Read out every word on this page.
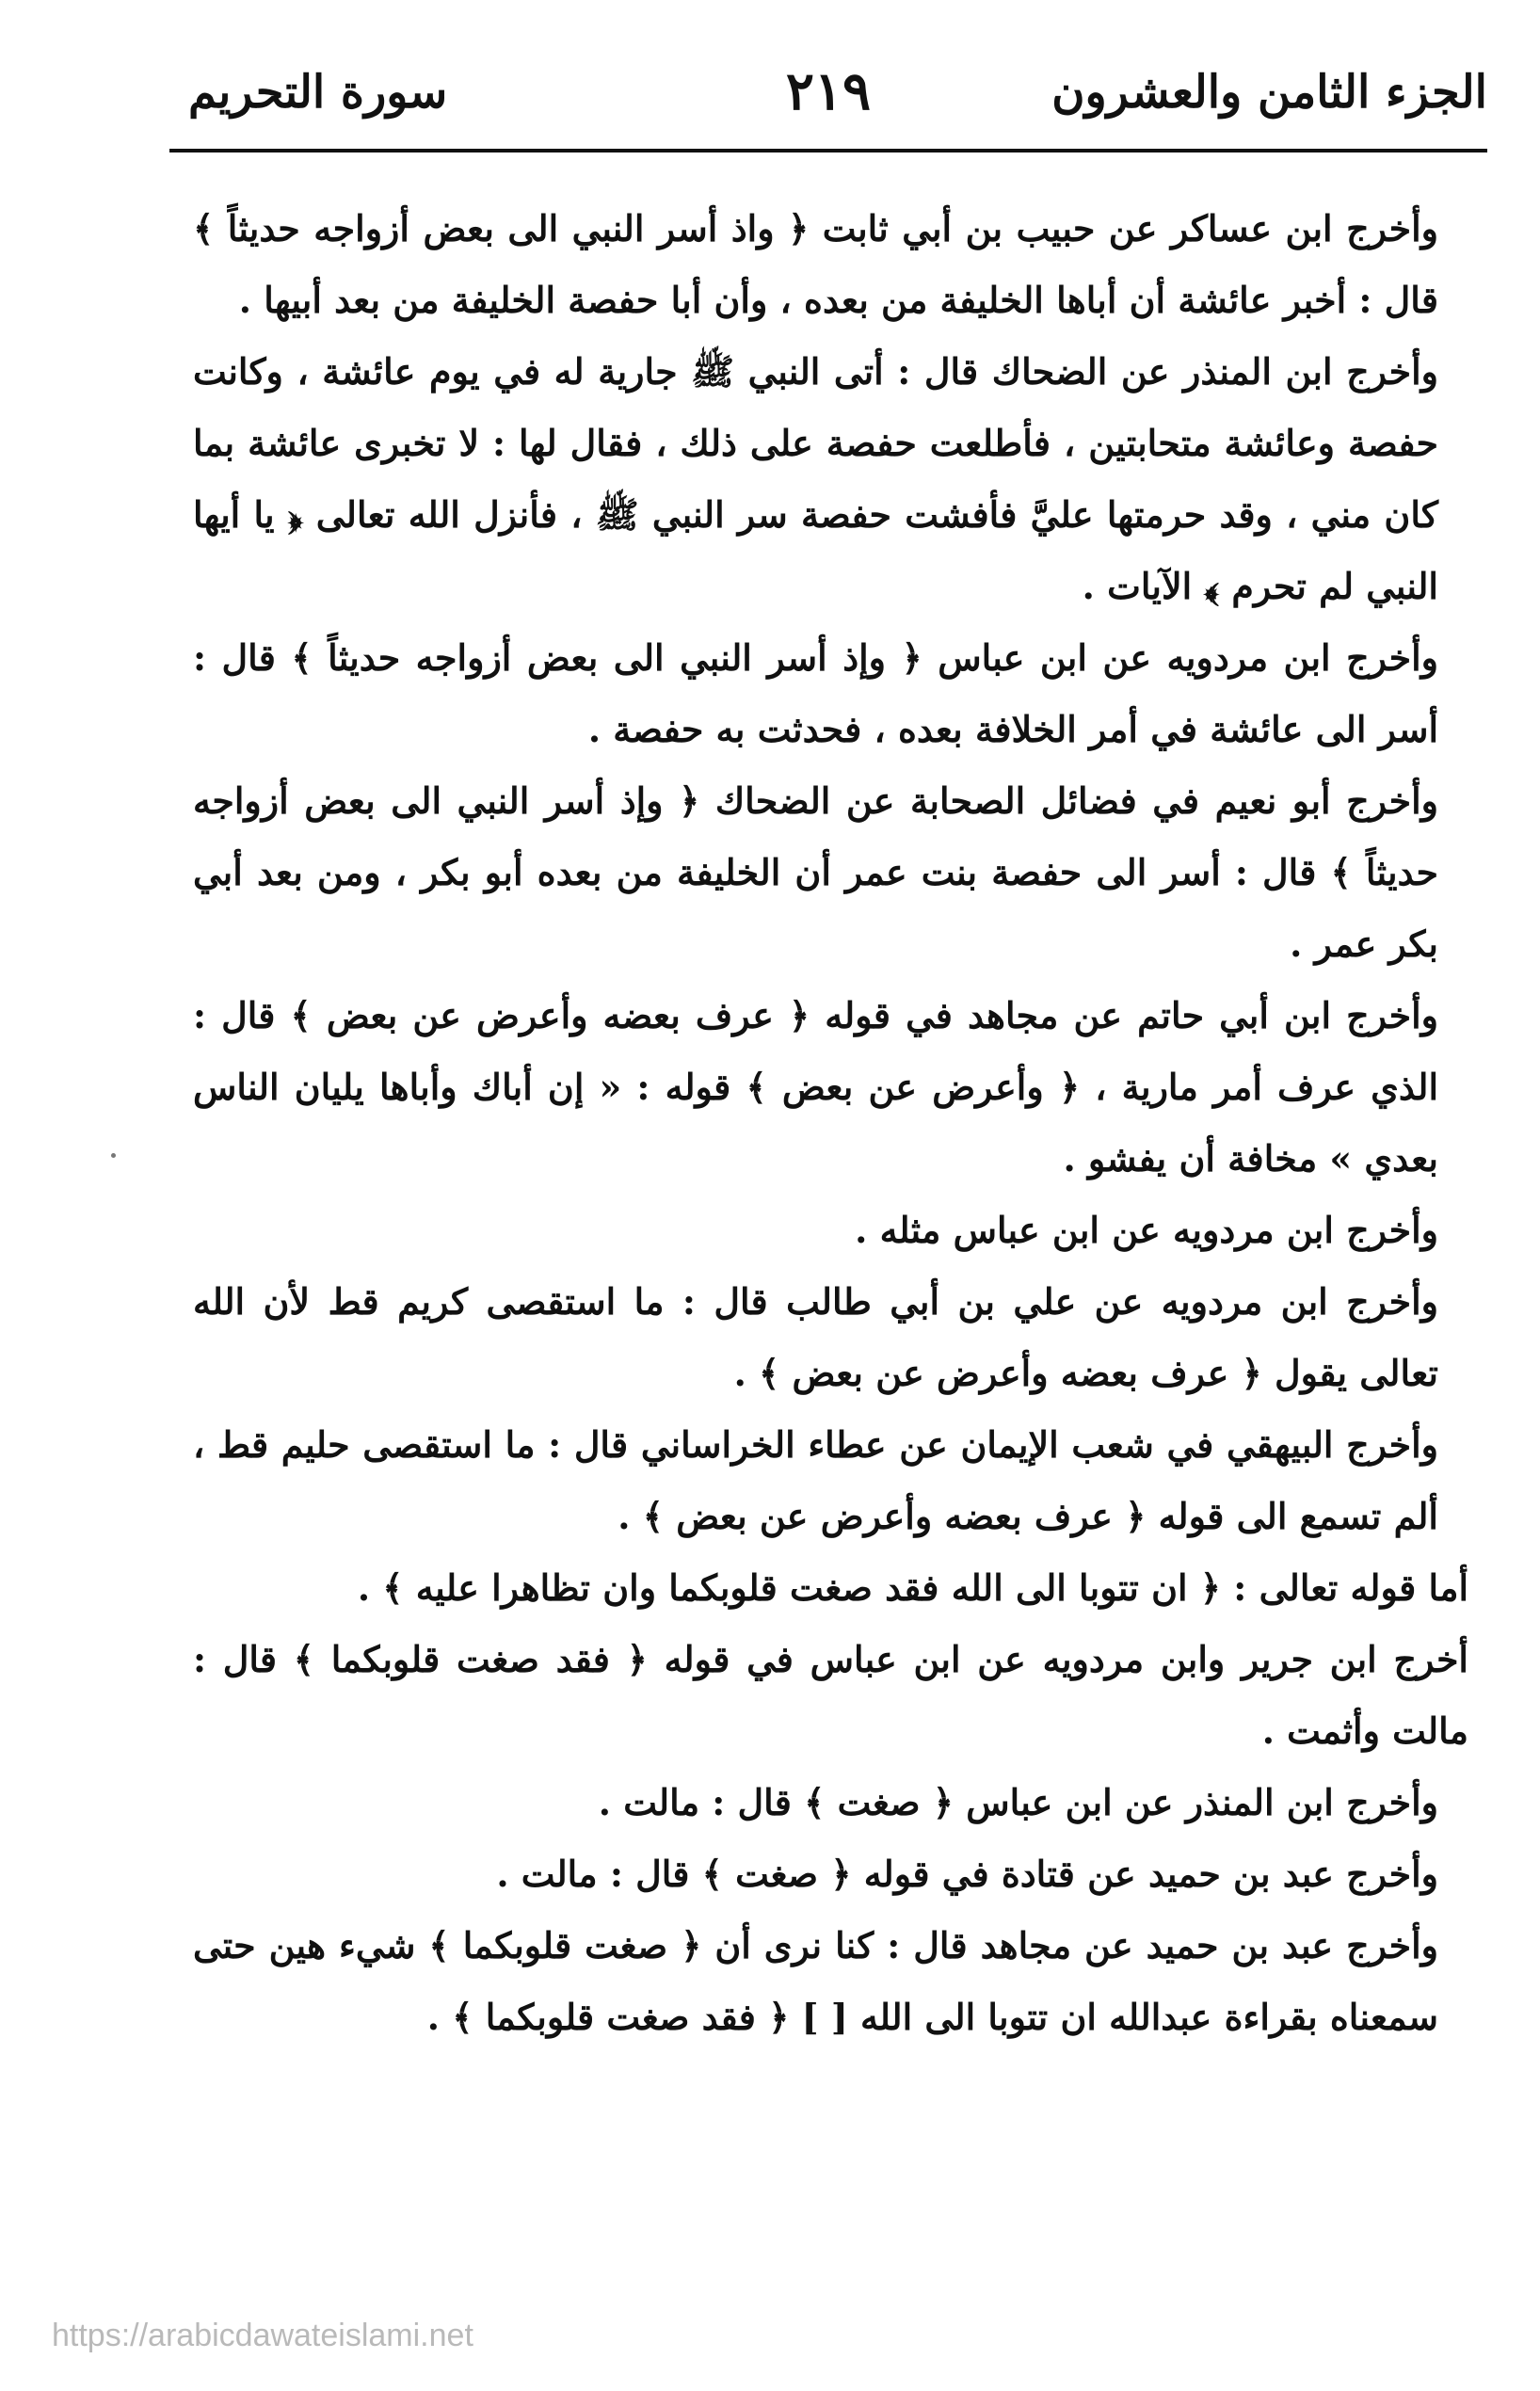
الجزء الثامن والعشرون
٢١٩
سورة التحريم

وأخرج ابن عساكر عن حبيب بن أبي ثابت ﴿ واذ أسر النبي الى بعض أزواجه حديثاً ﴾ قال : أخبر عائشة أن أباها الخليفة من بعده ، وأن أبا حفصة الخليفة من بعد أبيها .

وأخرج ابن المنذر عن الضحاك قال : أتى النبي ﷺ جارية له في يوم عائشة ، وكانت حفصة وعائشة متحابتين ، فأطلعت حفصة على ذلك ، فقال لها : لا تخبرى عائشة بما كان مني ، وقد حرمتها عليَّ فأفشت حفصة سر النبي ﷺ ، فأنزل الله تعالى ﴿ يا أيها النبي لم تحرم ﴾ الآيات .

وأخرج ابن مردويه عن ابن عباس ﴿ وإذ أسر النبي الى بعض أزواجه حديثاً ﴾ قال : أسر الى عائشة في أمر الخلافة بعده ، فحدثت به حفصة .

وأخرج أبو نعيم في فضائل الصحابة عن الضحاك ﴿ وإذ أسر النبي الى بعض أزواجه حديثاً ﴾ قال : أسر الى حفصة بنت عمر أن الخليفة من بعده أبو بكر ، ومن بعد أبي بكر عمر .

وأخرج ابن أبي حاتم عن مجاهد في قوله ﴿ عرف بعضه وأعرض عن بعض ﴾ قال : الذي عرف أمر مارية ، ﴿ وأعرض عن بعض ﴾ قوله : « إن أباك وأباها يليان الناس بعدي » مخافة أن يفشو .

وأخرج ابن مردويه عن ابن عباس مثله .

وأخرج ابن مردويه عن علي بن أبي طالب قال : ما استقصى كريم قط لأن الله تعالى يقول ﴿ عرف بعضه وأعرض عن بعض ﴾ .

وأخرج البيهقي في شعب الإيمان عن عطاء الخراساني قال : ما استقصى حليم قط ، ألم تسمع الى قوله ﴿ عرف بعضه وأعرض عن بعض ﴾ .

أما قوله تعالى : ﴿ ان تتوبا الى الله فقد صغت قلوبكما وان تظاهرا عليه ﴾ .

أخرج ابن جرير وابن مردويه عن ابن عباس في قوله ﴿ فقد صغت قلوبكما ﴾ قال : مالت وأثمت .

وأخرج ابن المنذر عن ابن عباس ﴿ صغت ﴾ قال : مالت .

وأخرج عبد بن حميد عن قتادة في قوله ﴿ صغت ﴾ قال : مالت .

وأخرج عبد بن حميد عن مجاهد قال : كنا نرى أن ﴿ صغت قلوبكما ﴾ شيء هين حتى سمعناه بقراءة عبدالله ان تتوبا الى الله [ ] ﴿ فقد صغت قلوبكما ﴾ .

https://arabicdawateislami.net
